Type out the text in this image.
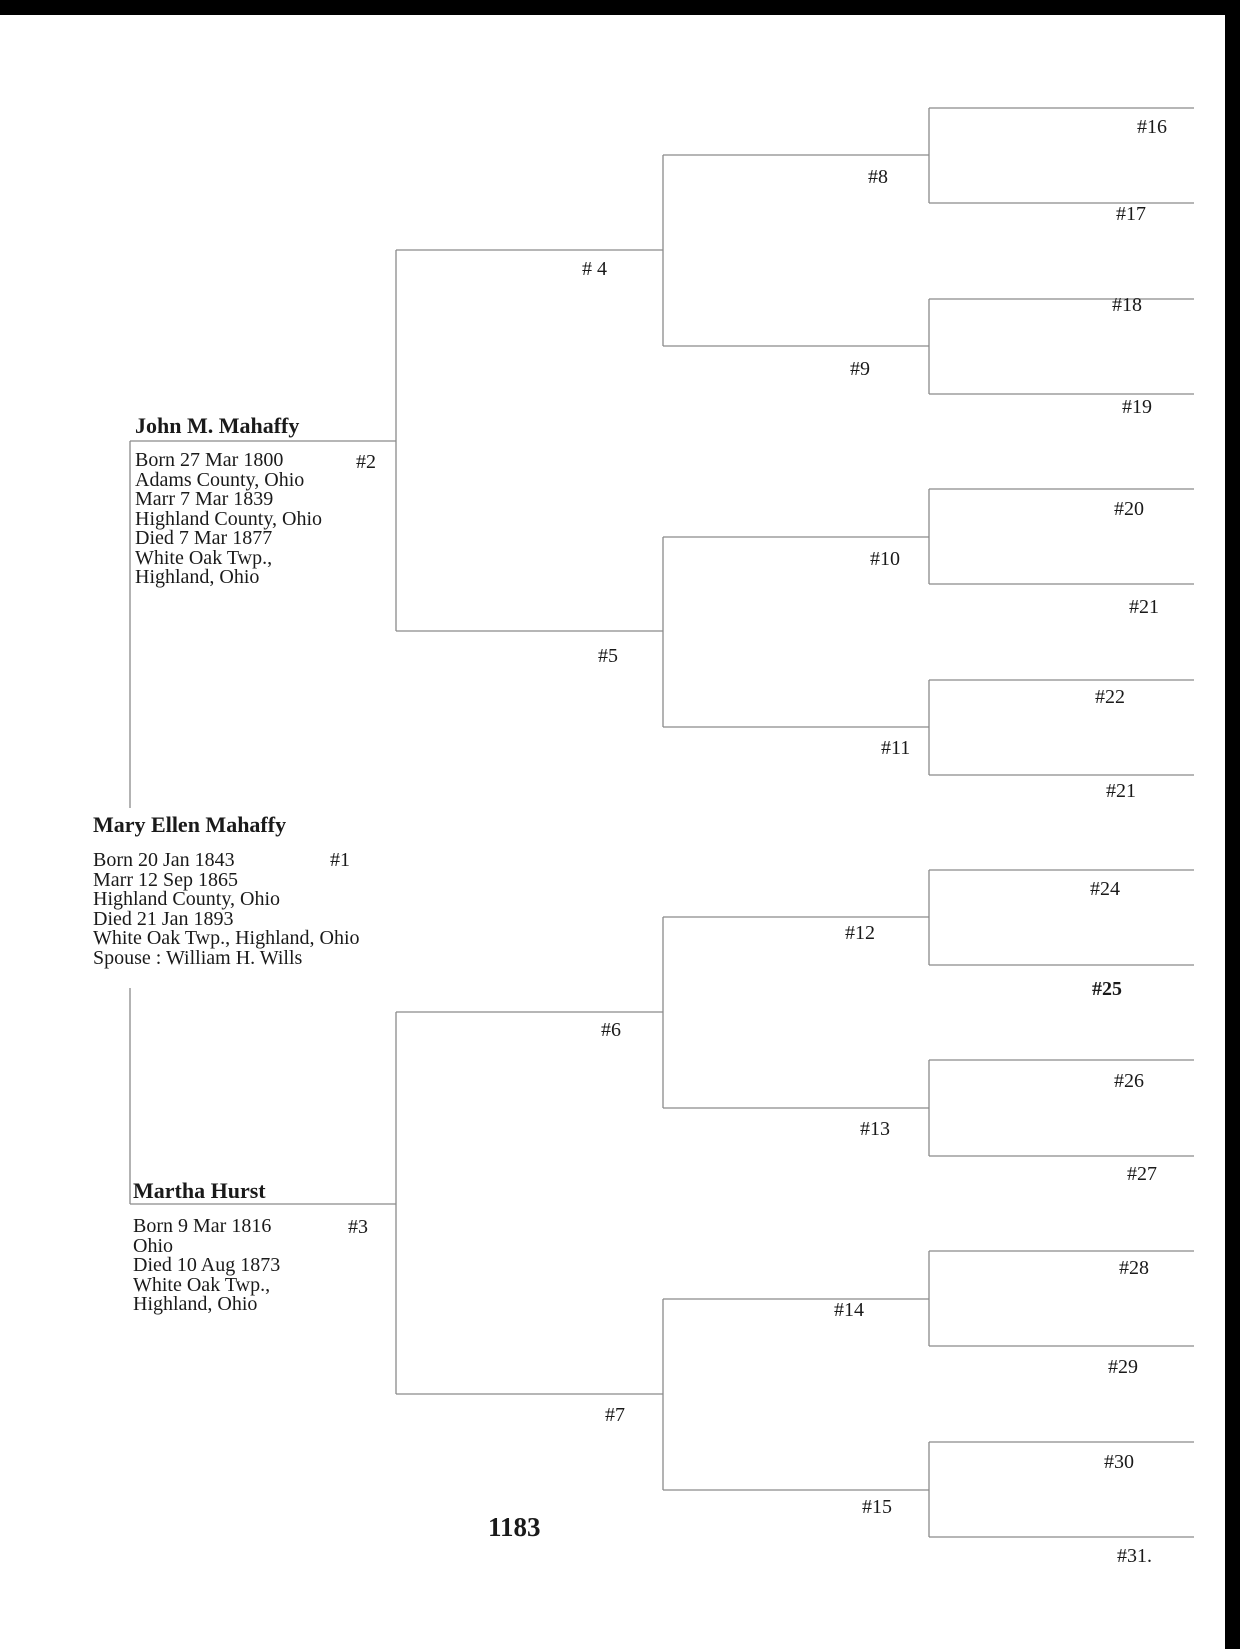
John M. Mahaffy
Born 27 Mar 1800
Adams County, Ohio
Marr 7 Mar 1839
Highland County, Ohio
Died 7 Mar 1877
White Oak Twp.,
Highland, Ohio
#2
Mary Ellen Mahaffy
Born 20 Jan 1843
Marr 12 Sep 1865
Highland County, Ohio
Died 21 Jan 1893
White Oak Twp., Highland, Ohio
Spouse : William H. Wills
#1
Martha Hurst
Born 9 Mar 1816
Ohio
Died 10 Aug 1873
White Oak Twp.,
Highland, Ohio
#3
# 4
#5
#6
#7
#8
#9
#10
#11
#12
#13
#14
#15
#16
#17
#18
#19
#20
#21
#22
#21
#24
#25
#26
#27
#28
#29
#30
#31.
1183
